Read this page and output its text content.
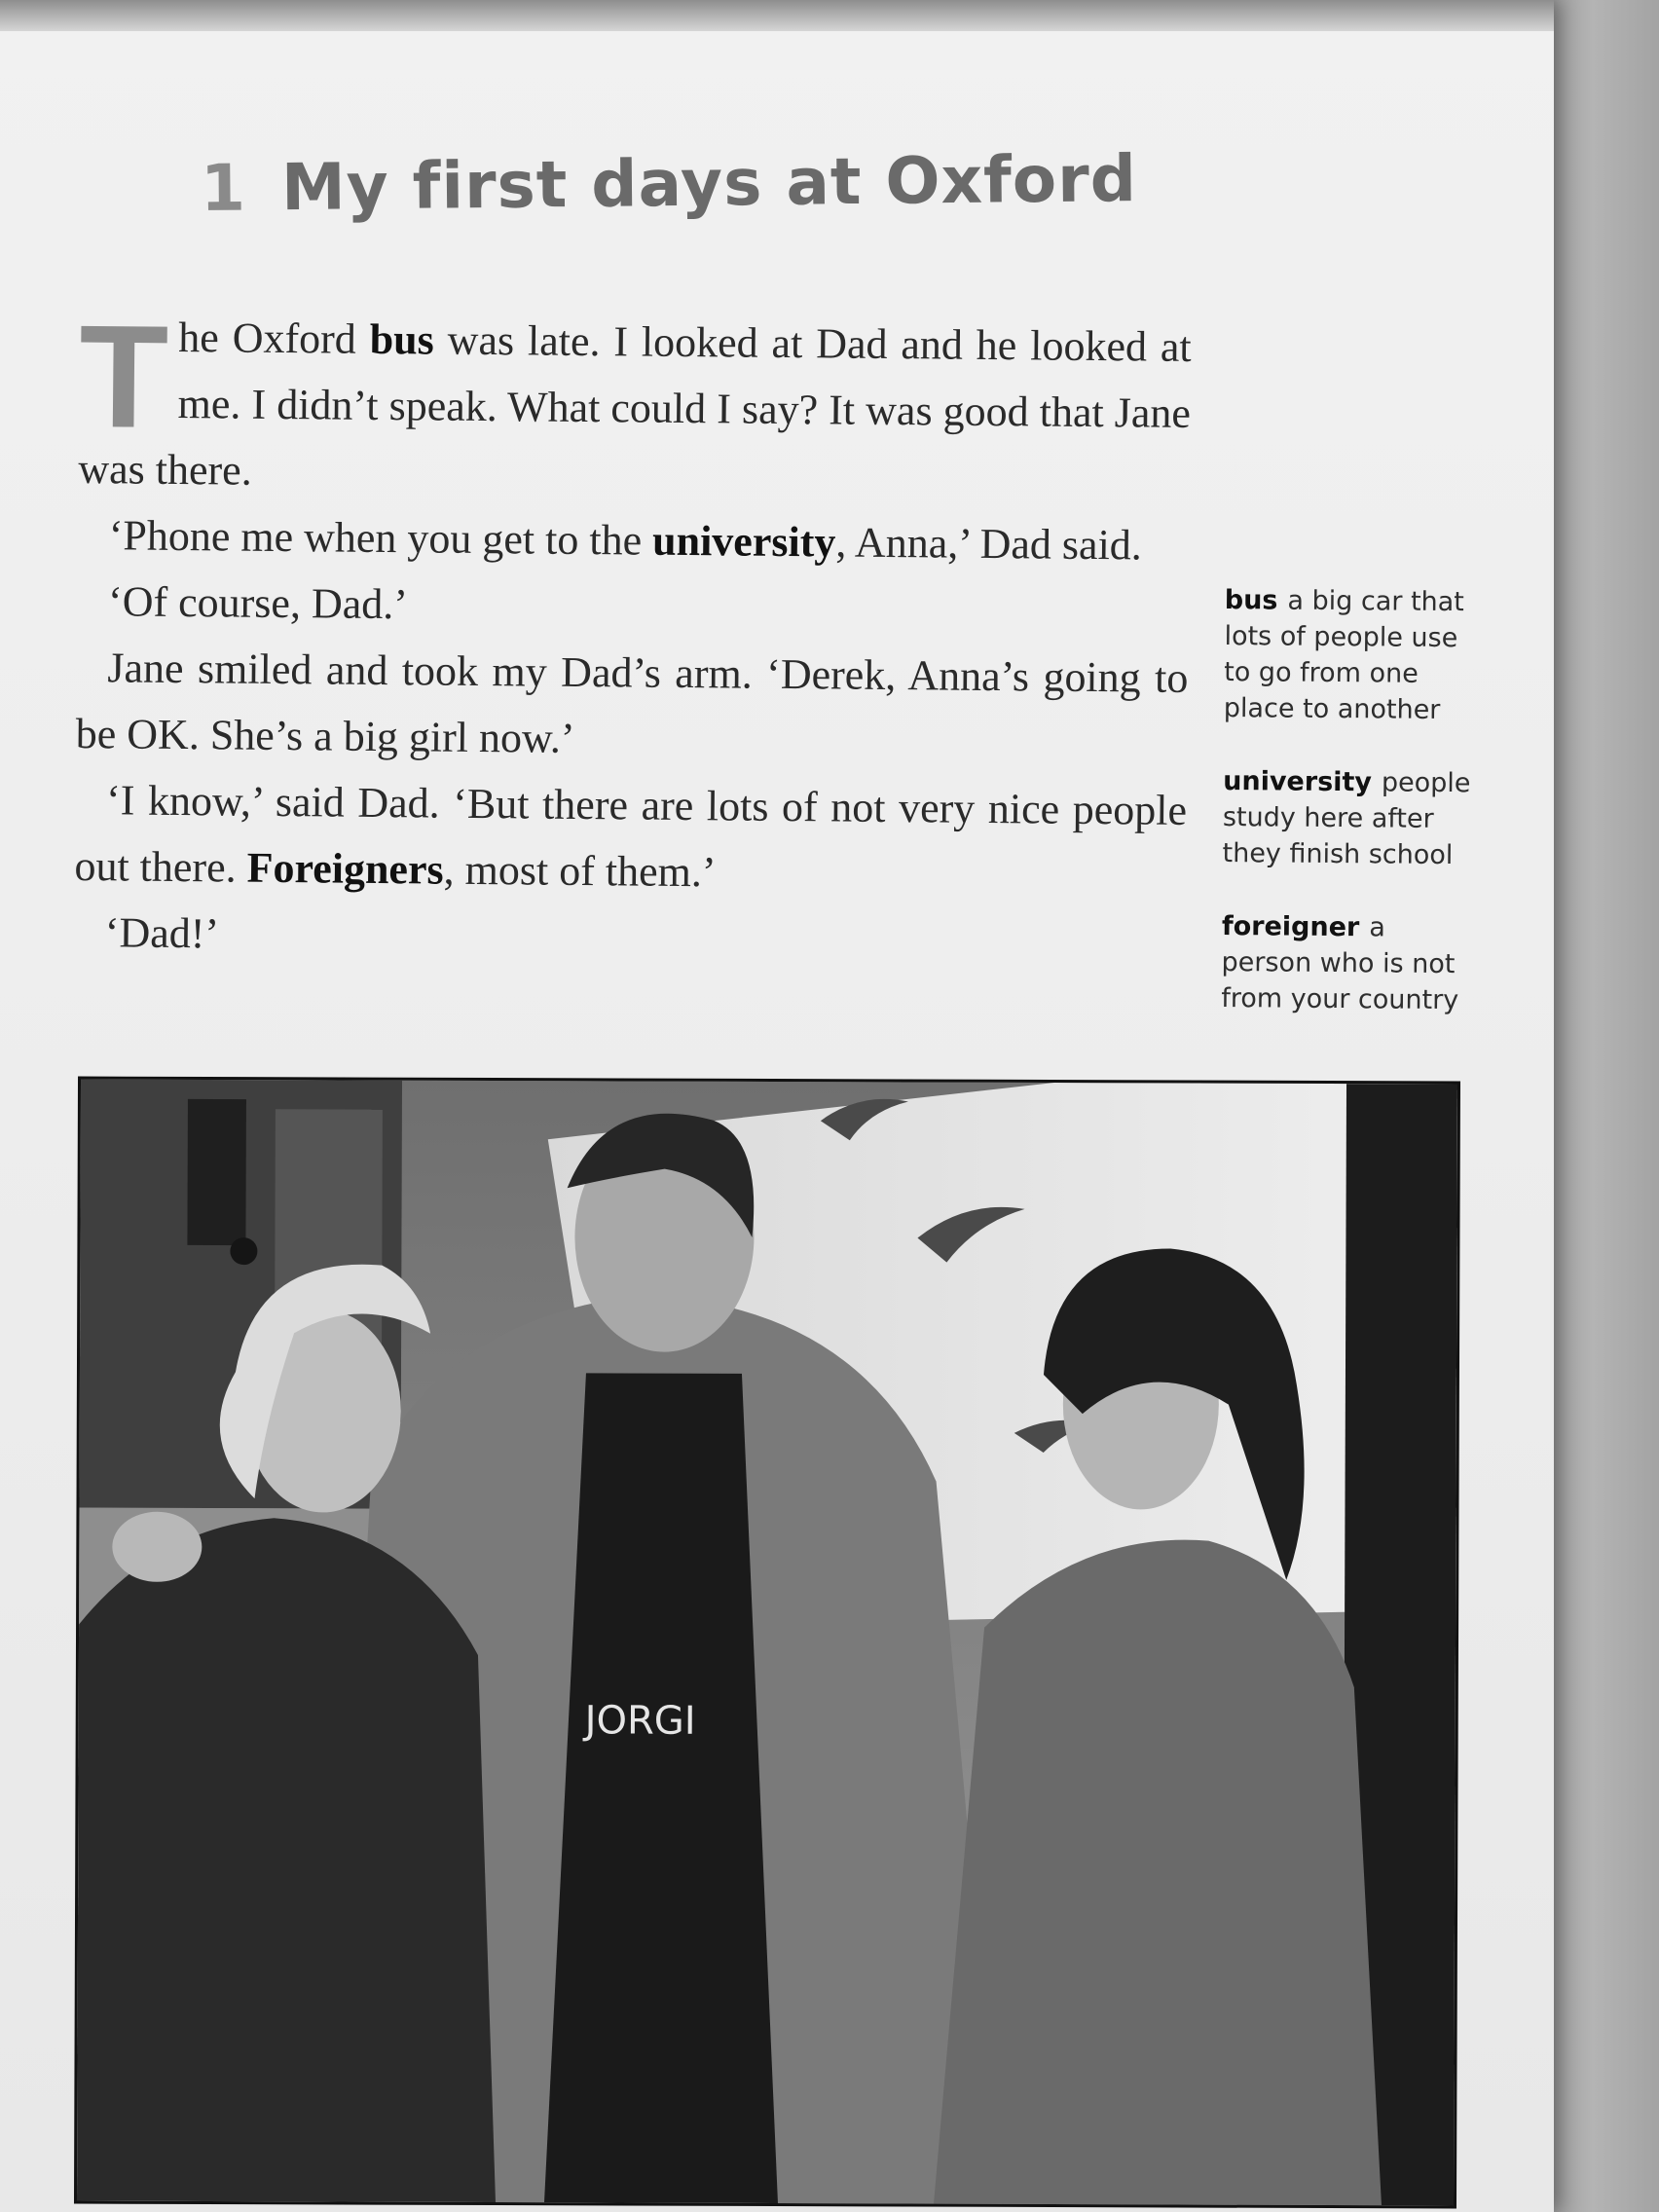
1 My first days at Oxford

The Oxford bus was late. I looked at Dad and he looked at me. I didn’t speak. What could I say? It was good that Jane was there.

‘Phone me when you get to the university, Anna,’ Dad said.

‘Of course, Dad.’

Jane smiled and took my Dad’s arm. ‘Derek, Anna’s going to be OK. She’s a big girl now.’

‘I know,’ said Dad. ‘But there are lots of not very nice people out there. Foreigners, most of them.’

‘Dad!’

bus a big car that lots of people use to go from one place to another
university people study here after they finish school
foreigner a person who is not from your country
JORGI
